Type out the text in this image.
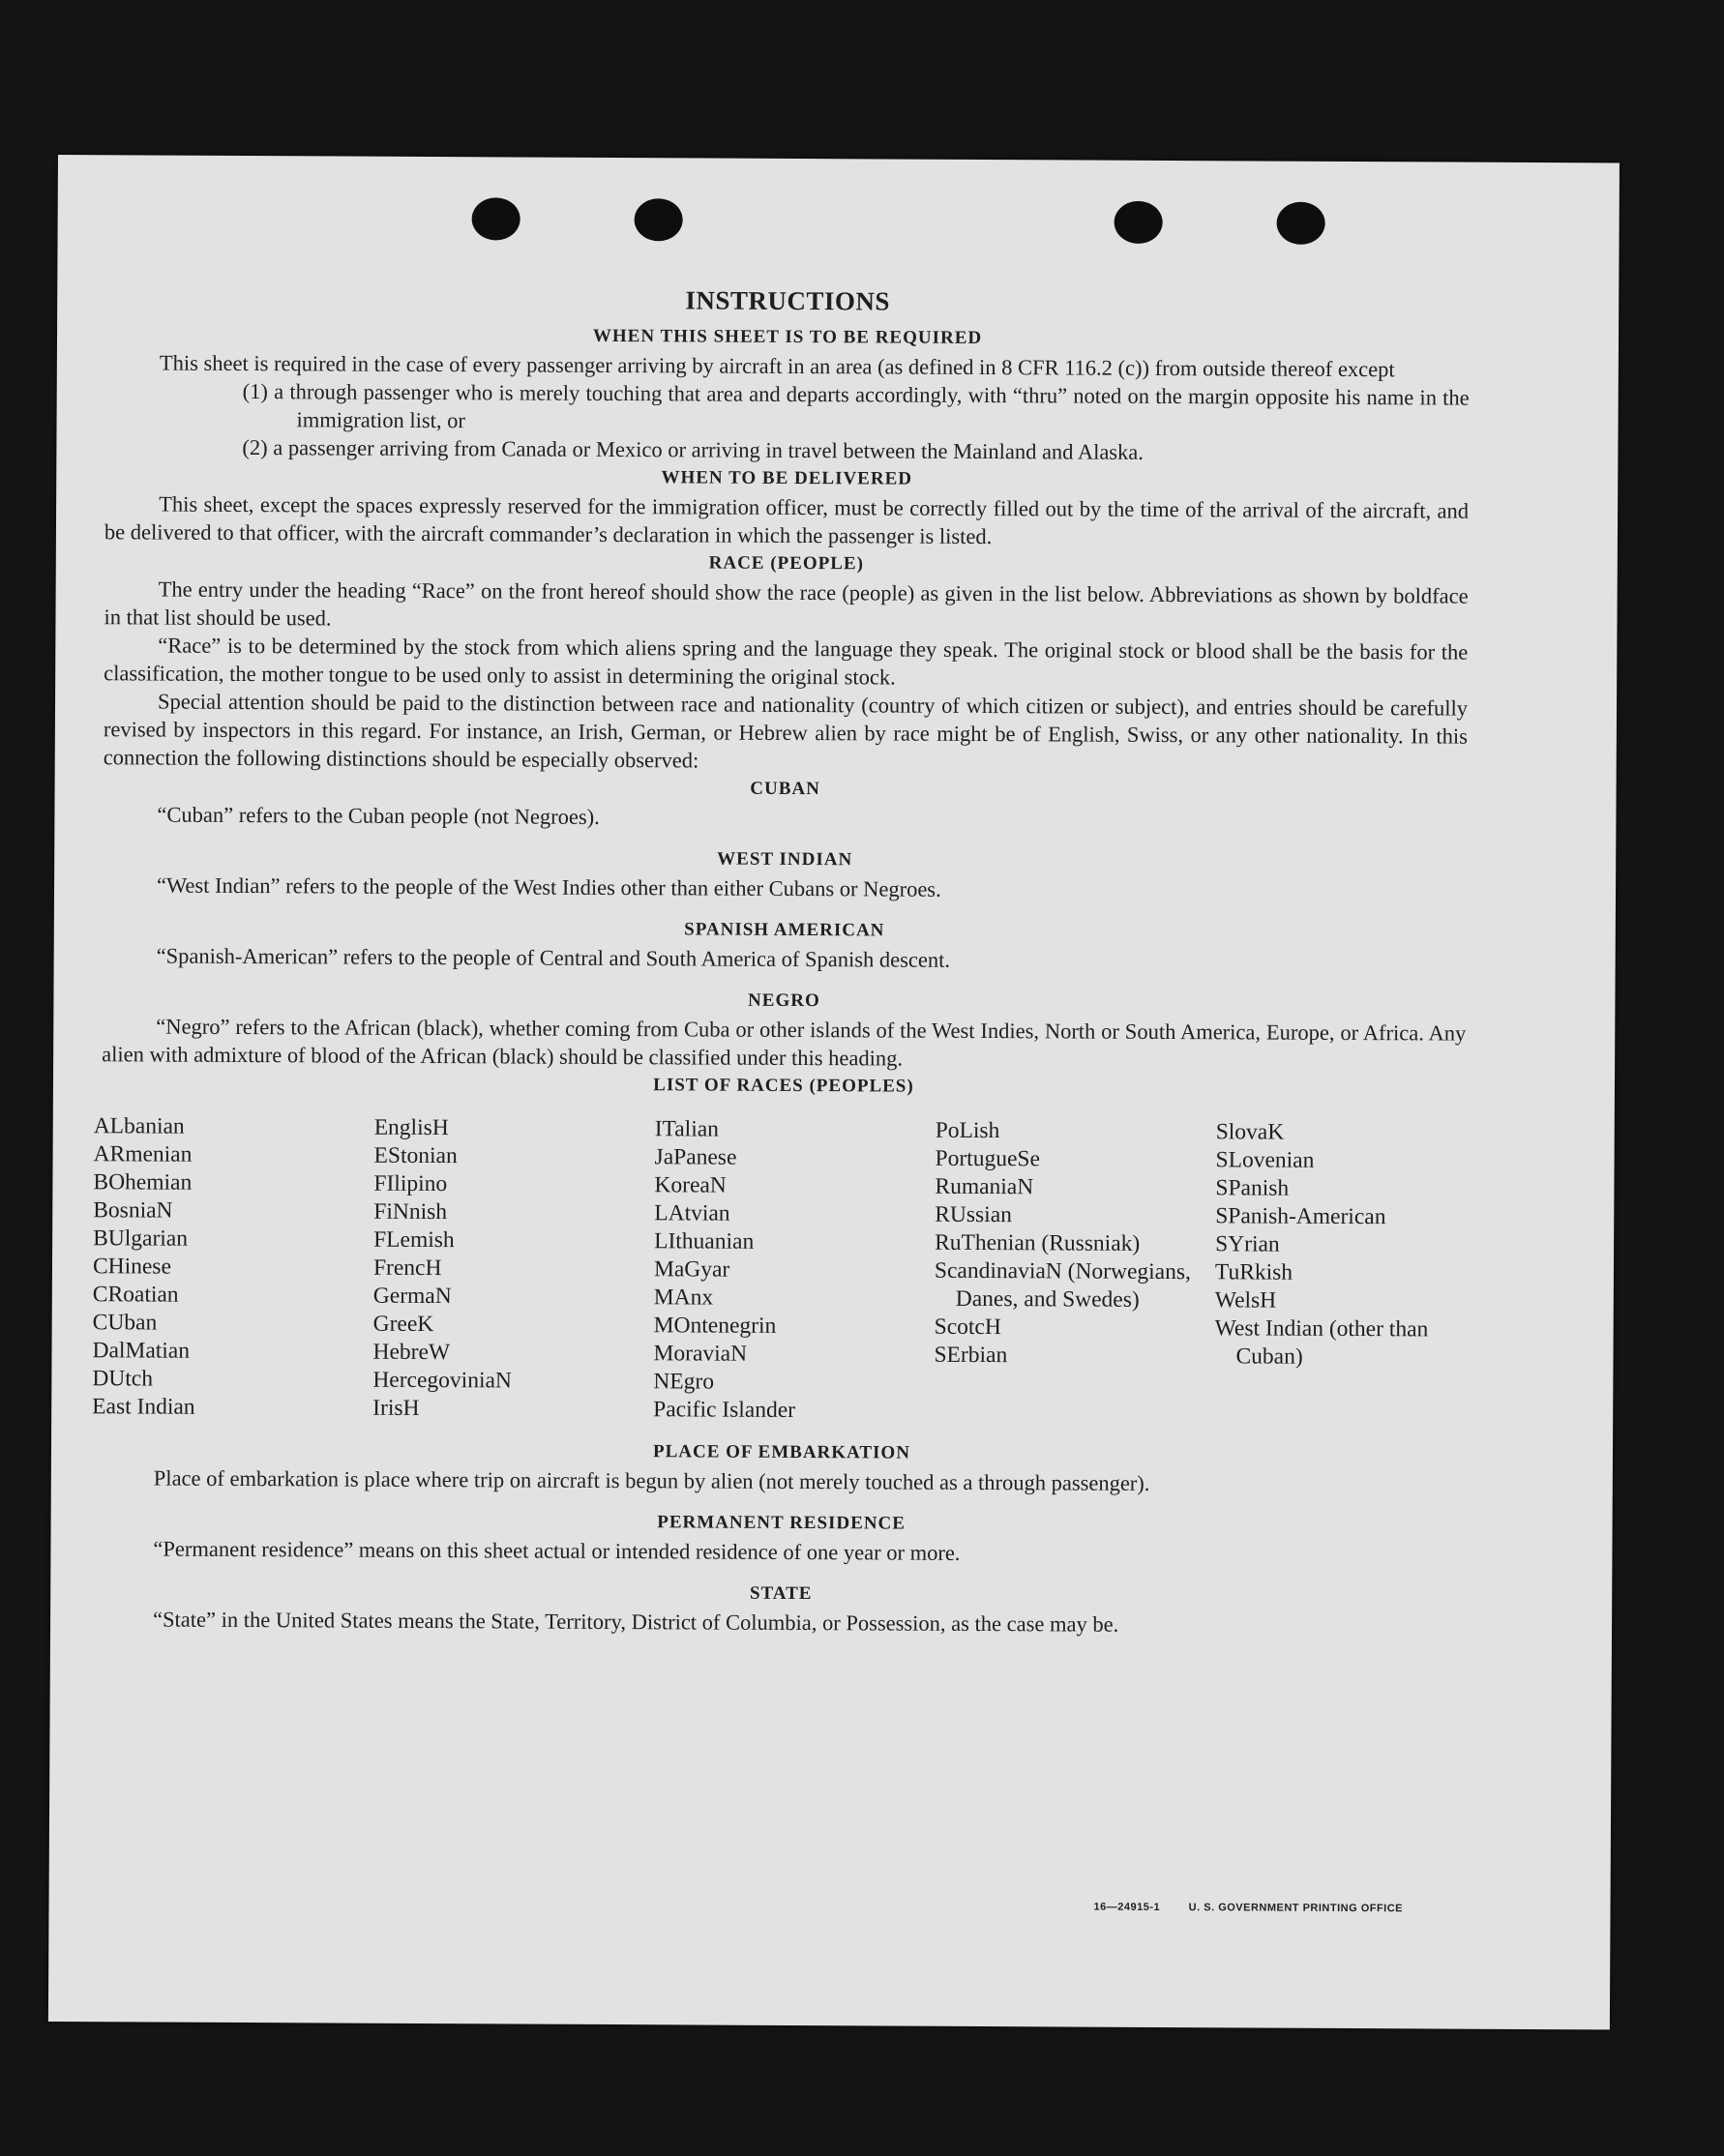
INSTRUCTIONS
WHEN THIS SHEET IS TO BE REQUIRED

This sheet is required in the case of every passenger arriving by aircraft in an area (as defined in 8 CFR 116.2 (c)) from outside thereof except

(1) a through passenger who is merely touching that area and departs accordingly, with “thru” noted on the margin opposite his name in the immigration list, or

(2) a passenger arriving from Canada or Mexico or arriving in travel between the Mainland and Alaska.

WHEN TO BE DELIVERED

This sheet, except the spaces expressly reserved for the immigration officer, must be correctly filled out by the time of the arrival of the aircraft, and be delivered to that officer, with the aircraft commander’s declaration in which the passenger is listed.

RACE (PEOPLE)

The entry under the heading “Race” on the front hereof should show the race (people) as given in the list below. Abbreviations as shown by boldface in that list should be used.

“Race” is to be determined by the stock from which aliens spring and the language they speak. The original stock or blood shall be the basis for the classification, the mother tongue to be used only to assist in determining the original stock.

Special attention should be paid to the distinction between race and nationality (country of which citizen or subject), and entries should be carefully revised by inspectors in this regard. For instance, an Irish, German, or Hebrew alien by race might be of English, Swiss, or any other nationality. In this connection the following distinctions should be especially observed:

CUBAN

“Cuban” refers to the Cuban people (not Negroes).

WEST INDIAN

“West Indian” refers to the people of the West Indies other than either Cubans or Negroes.

SPANISH AMERICAN

“Spanish-American” refers to the people of Central and South America of Spanish descent.

NEGRO

“Negro” refers to the African (black), whether coming from Cuba or other islands of the West Indies, North or South America, Europe, or Africa. Any alien with admixture of blood of the African (black) should be classified under this heading.

LIST OF RACES (PEOPLES)
ALbanian
ARmenian
BOhemian
BosniaN
BUlgarian
CHinese
CRoatian
CUban
DalMatian
DUtch
East Indian
EnglisH
EStonian
FIlipino
FiNnish
FLemish
FrencH
GermaN
GreeK
HebreW
HercegoviniaN
IrisH
ITalian
JaPanese
KoreaN
LAtvian
LIthuanian
MaGyar
MAnx
MOntenegrin
MoraviaN
NEgro
Pacific Islander
PoLish
PortugueSe
RumaniaN
RUssian
RuThenian (Russniak)
ScandinaviaN (Norwegians, Danes, and Swedes)
ScotcH
SErbian
SlovaK
SLovenian
SPanish
SPanish-American
SYrian
TuRkish
WelsH
West Indian (other than Cuban)
PLACE OF EMBARKATION

Place of embarkation is place where trip on aircraft is begun by alien (not merely touched as a through passenger).

PERMANENT RESIDENCE

“Permanent residence” means on this sheet actual or intended residence of one year or more.

STATE

“State” in the United States means the State, Territory, District of Columbia, or Possession, as the case may be.

16—24915-1	U. S. GOVERNMENT PRINTING OFFICE
